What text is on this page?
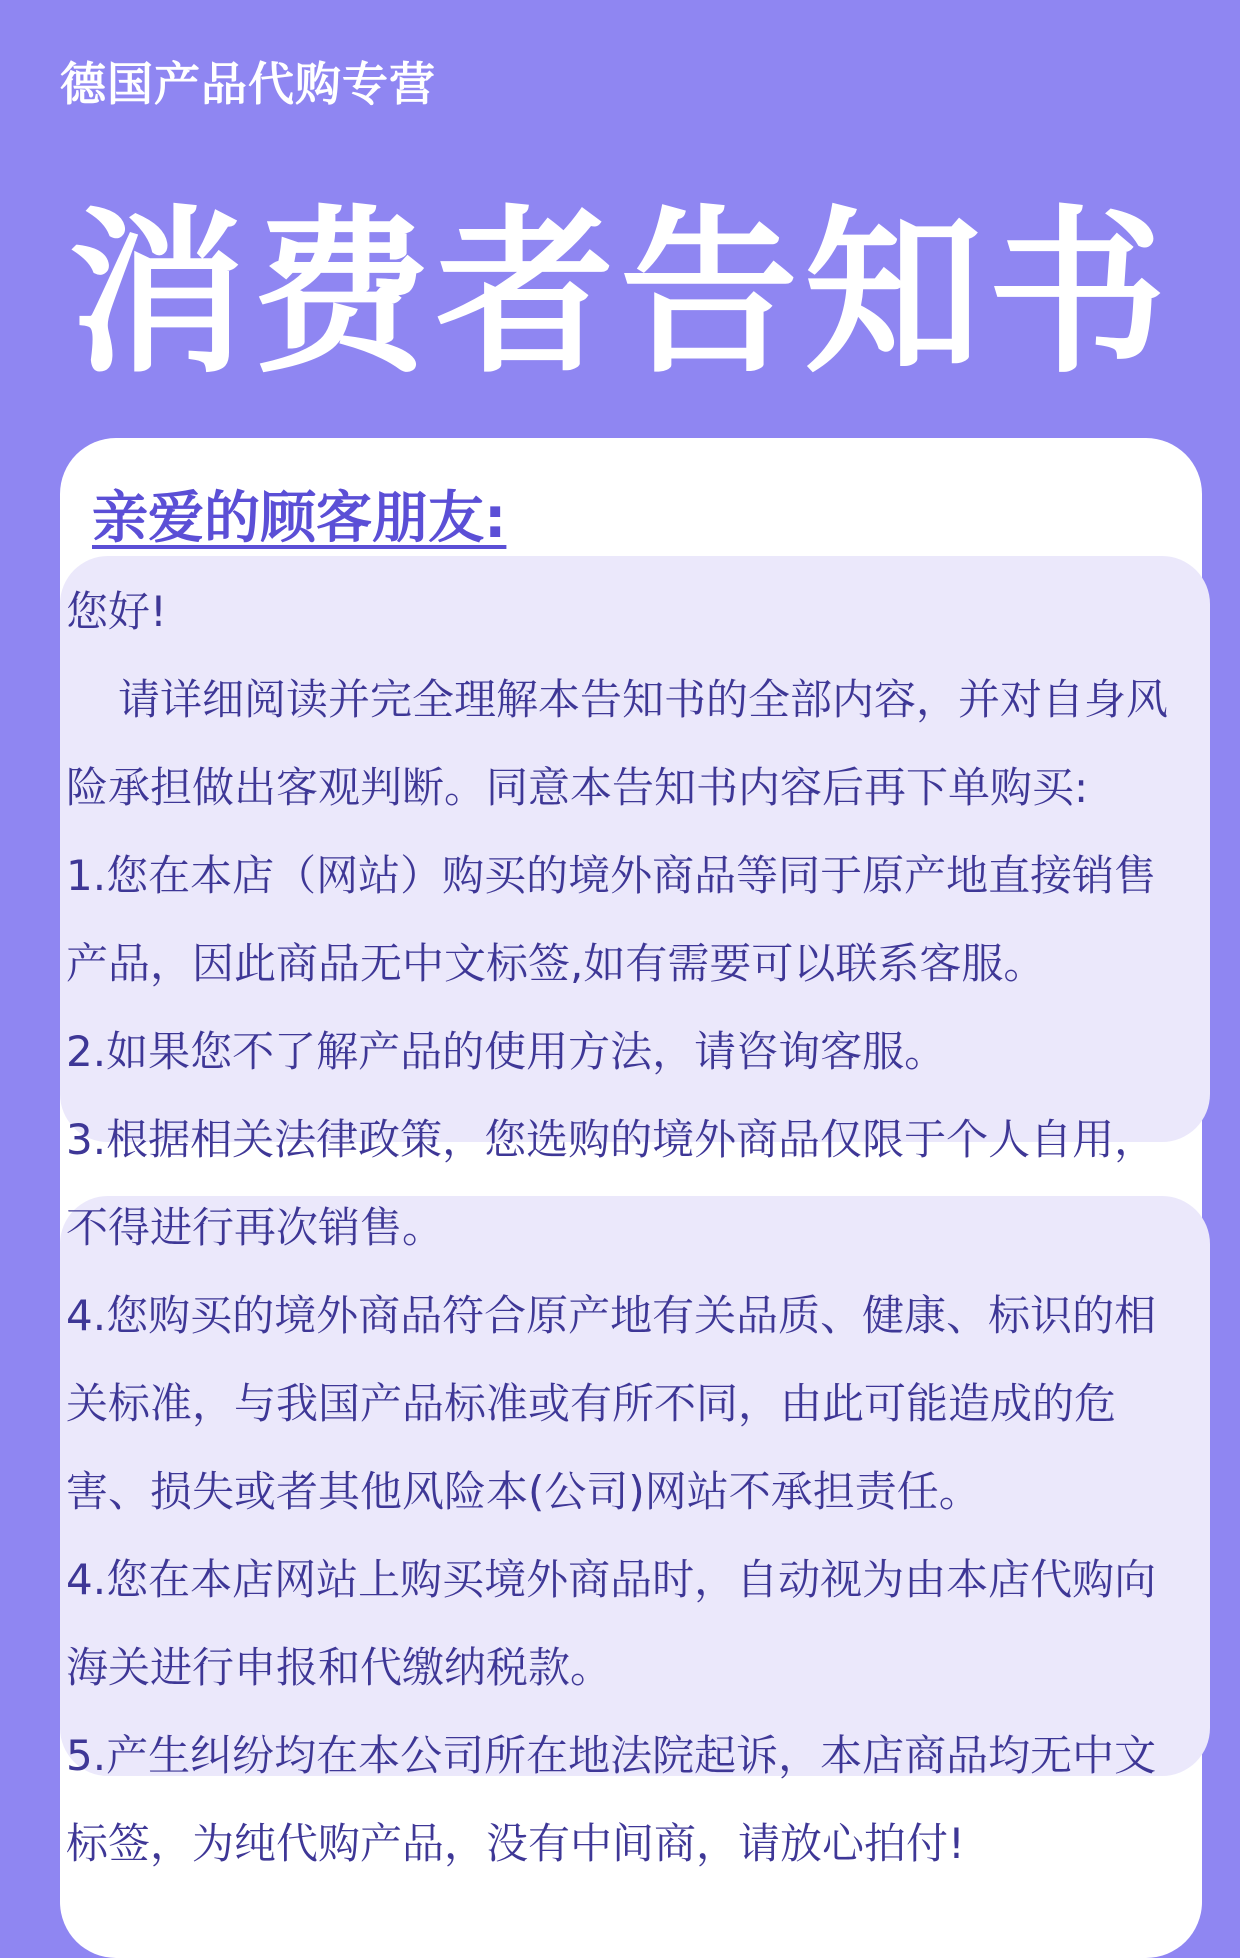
德国产品代购专营
消费者告知书
亲爱的顾客朋友:

您好!

请详细阅读并完全理解本告知书的全部内容，并对自身风险承担做出客观判断。同意本告知书内容后再下单购买:

1.您在本店（网站）购买的境外商品等同于原产地直接销售产品，因此商品无中文标签,如有需要可以联系客服。

2.如果您不了解产品的使用方法，请咨询客服。

3.根据相关法律政策，您选购的境外商品仅限于个人自用，不得进行再次销售。

4.您购买的境外商品符合原产地有关品质、健康、标识的相关标准，与我国产品标准或有所不同，由此可能造成的危害、损失或者其他风险本(公司)网站不承担责任。

4.您在本店网站上购买境外商品时，自动视为由本店代购向海关进行申报和代缴纳税款。

5.产生纠纷均在本公司所在地法院起诉，本店商品均无中文标签，为纯代购产品，没有中间商，请放心拍付!
